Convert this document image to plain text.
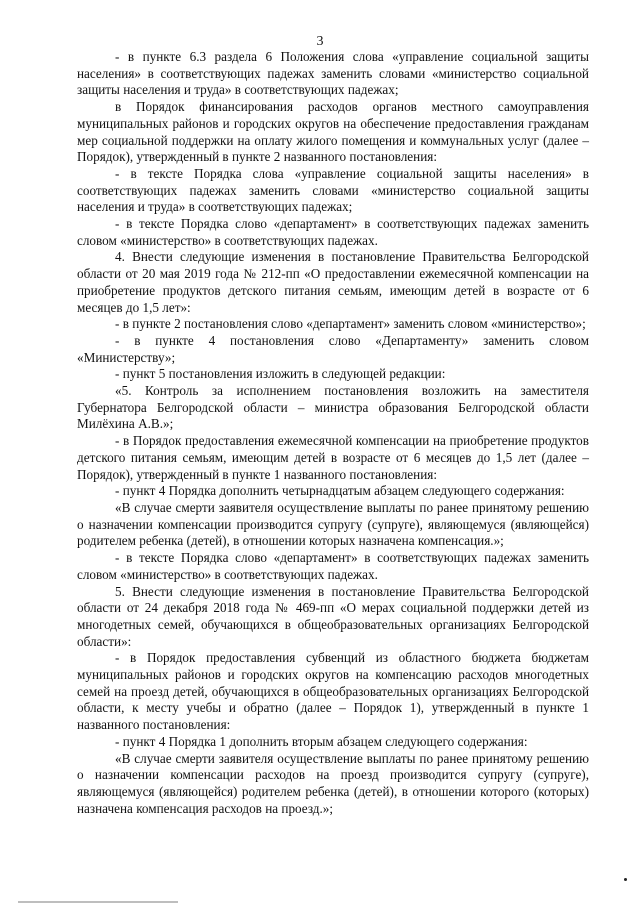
3

- в пункте 6.3 раздела 6 Положения слова «управление социальной защиты населения» в соответствующих падежах заменить словами «министерство социальной защиты населения и труда» в соответствующих падежах;

в Порядок финансирования расходов органов местного самоуправления муниципальных районов и городских округов на обеспечение предоставления гражданам мер социальной поддержки на оплату жилого помещения и коммунальных услуг (далее – Порядок), утвержденный в пункте 2 названного постановления:

- в тексте Порядка слова «управление социальной защиты населения» в соответствующих падежах заменить словами «министерство социальной защиты населения и труда» в соответствующих падежах;

- в тексте Порядка слово «департамент» в соответствующих падежах заменить словом «министерство» в соответствующих падежах.

4. Внести следующие изменения в постановление Правительства Белгородской области от 20 мая 2019 года № 212-пп «О предоставлении ежемесячной компенсации на приобретение продуктов детского питания семьям, имеющим детей в возрасте от 6 месяцев до 1,5 лет»:

- в пункте 2 постановления слово «департамент» заменить словом «министерство»;

- в пункте 4 постановления слово «Департаменту» заменить словом «Министерству»;

- пункт 5 постановления изложить в следующей редакции:

«5. Контроль за исполнением постановления возложить на заместителя Губернатора Белгородской области – министра образования Белгородской области Милёхина А.В.»;

- в Порядок предоставления ежемесячной компенсации на приобретение продуктов детского питания семьям, имеющим детей в возрасте от 6 месяцев до 1,5 лет (далее – Порядок), утвержденный в пункте 1 названного постановления:

- пункт 4 Порядка дополнить четырнадцатым абзацем следующего содержания:

«В случае смерти заявителя осуществление выплаты по ранее принятому решению о назначении компенсации производится супругу (супруге), являющемуся (являющейся) родителем ребенка (детей), в отношении которых назначена компенсация.»;

- в тексте Порядка слово «департамент» в соответствующих падежах заменить словом «министерство» в соответствующих падежах.

5. Внести следующие изменения в постановление Правительства Белгородской области от 24 декабря 2018 года № 469-пп «О мерах социальной поддержки детей из многодетных семей, обучающихся в общеобразовательных организациях Белгородской области»:

- в Порядок предоставления субвенций из областного бюджета бюджетам муниципальных районов и городских округов на компенсацию расходов многодетных семей на проезд детей, обучающихся в общеобразовательных организациях Белгородской области, к месту учебы и обратно (далее – Порядок 1), утвержденный в пункте 1 названного постановления:

- пункт 4 Порядка 1 дополнить вторым абзацем следующего содержания:

«В случае смерти заявителя осуществление выплаты по ранее принятому решению о назначении компенсации расходов на проезд производится супругу (супруге), являющемуся (являющейся) родителем ребенка (детей), в отношении которого (которых) назначена компенсация расходов на проезд.»;
